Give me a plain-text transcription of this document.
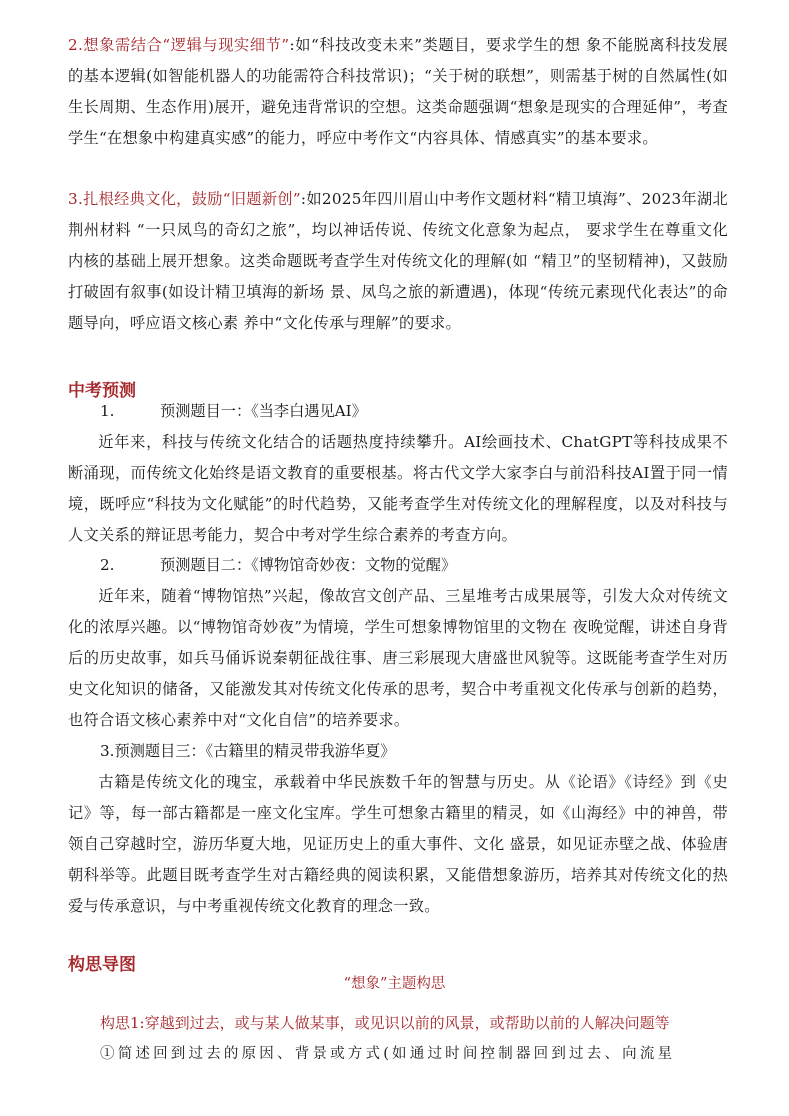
2.想象需结合“逻辑与现实细节”:如“科技改变未来”类题目，要求学生的想 象不能脱离科技发展的基本逻辑(如智能机器人的功能需符合科技常识)；“关于树的联想”，则需基于树的自然属性(如生长周期、生态作用)展开，避免违背常识的空想。这类命题强调“想象是现实的合理延伸”，考查学生“在想象中构建真实感”的能力，呼应中考作文“内容具体、情感真实”的基本要求。

3.扎根经典文化，鼓励“旧题新创”:如2025年四川眉山中考作文题材料“精卫填海”、2023年湖北荆州材料 “一只凤鸟的奇幻之旅”，均以神话传说、传统文化意象为起点， 要求学生在尊重文化内核的基础上展开想象。这类命题既考查学生对传统文化的理解(如 “精卫”的坚韧精神)，又鼓励打破固有叙事(如设计精卫填海的新场 景、凤鸟之旅的新遭遇)，体现“传统元素现代化表达”的命题导向，呼应语文核心素 养中“文化传承与理解”的要求。

中考预测
1.	预测题目一：《当李白遇见AI》

近年来，科技与传统文化结合的话题热度持续攀升。AI绘画技术、ChatGPT等科技成果不断涌现，而传统文化始终是语文教育的重要根基。将古代文学大家李白与前沿科技AI置于同一情境，既呼应“科技为文化赋能”的时代趋势，又能考查学生对传统文化的理解程度，以及对科技与人文关系的辩证思考能力，契合中考对学生综合素养的考查方向。

2.	预测题目二：《博物馆奇妙夜：文物的觉醒》

近年来，随着“博物馆热”兴起，像故宫文创产品、三星堆考古成果展等，引发大众对传统文化的浓厚兴趣。以“博物馆奇妙夜”为情境，学生可想象博物馆里的文物在 夜晚觉醒，讲述自身背后的历史故事，如兵马俑诉说秦朝征战往事、唐三彩展现大唐盛世风貌等。这既能考查学生对历史文化知识的储备，又能激发其对传统文化传承的思考，契合中考重视文化传承与创新的趋势，也符合语文核心素养中对“文化自信”的培养要求。

3.预测题目三：《古籍里的精灵带我游华夏》

古籍是传统文化的瑰宝，承载着中华民族数千年的智慧与历史。从《论语》《诗经》到《史记》等，每一部古籍都是一座文化宝库。学生可想象古籍里的精灵，如《山海经》中的神兽，带领自己穿越时空，游历华夏大地，见证历史上的重大事件、文化 盛景，如见证赤壁之战、体验唐朝科举等。此题目既考查学生对古籍经典的阅读积累，又能借想象游历，培养其对传统文化的热爱与传承意识，与中考重视传统文化教育的理念一致。

构思导图
“想象”主题构思
构思1:穿越到过去，或与某人做某事，或见识以前的风景，或帮助以前的人解决问题等
①简述回到过去的原因、背景或方式(如通过时间控制器回到过去、向流星
